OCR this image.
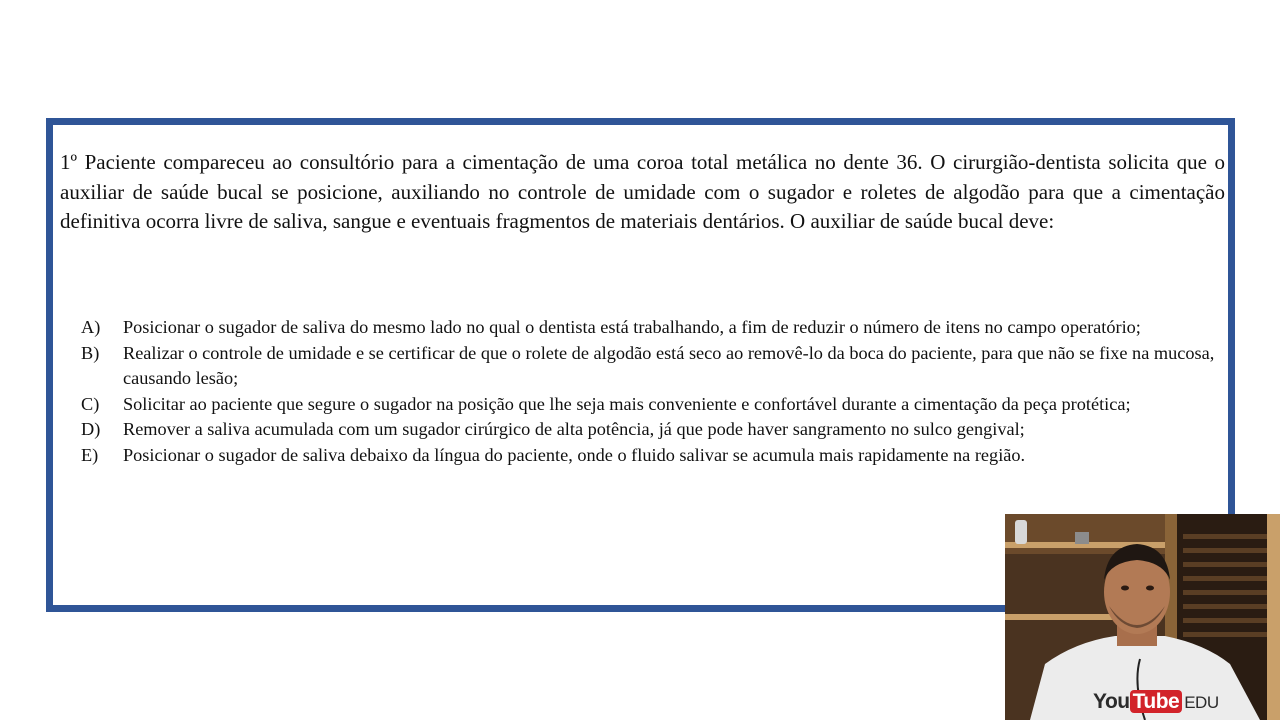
1º Paciente compareceu ao consultório para a cimentação de uma coroa total metálica no dente 36. O cirurgião-dentista solicita que o auxiliar de saúde bucal se posicione, auxiliando no controle de umidade com o sugador e roletes de algodão para que a cimentação definitiva ocorra livre de saliva, sangue e eventuais fragmentos de materiais dentários. O auxiliar de saúde bucal deve:

A)	Posicionar o sugador de saliva do mesmo lado no qual o dentista está trabalhando, a fim de reduzir o número de itens no campo operatório;
B)	Realizar o controle de umidade e se certificar de que o rolete de algodão está seco ao removê-lo da boca do paciente, para que não se fixe na mucosa, causando lesão;
C)	Solicitar ao paciente que segure o sugador na posição que lhe seja mais conveniente e confortável durante a cimentação da peça protética;
D)	Remover a saliva acumulada com um sugador cirúrgico de alta potência, já que pode haver sangramento no sulco gengival;
E)	Posicionar o sugador de saliva debaixo da língua do paciente, onde o fluido salivar se acumula mais rapidamente na região.
You Tube EDU
